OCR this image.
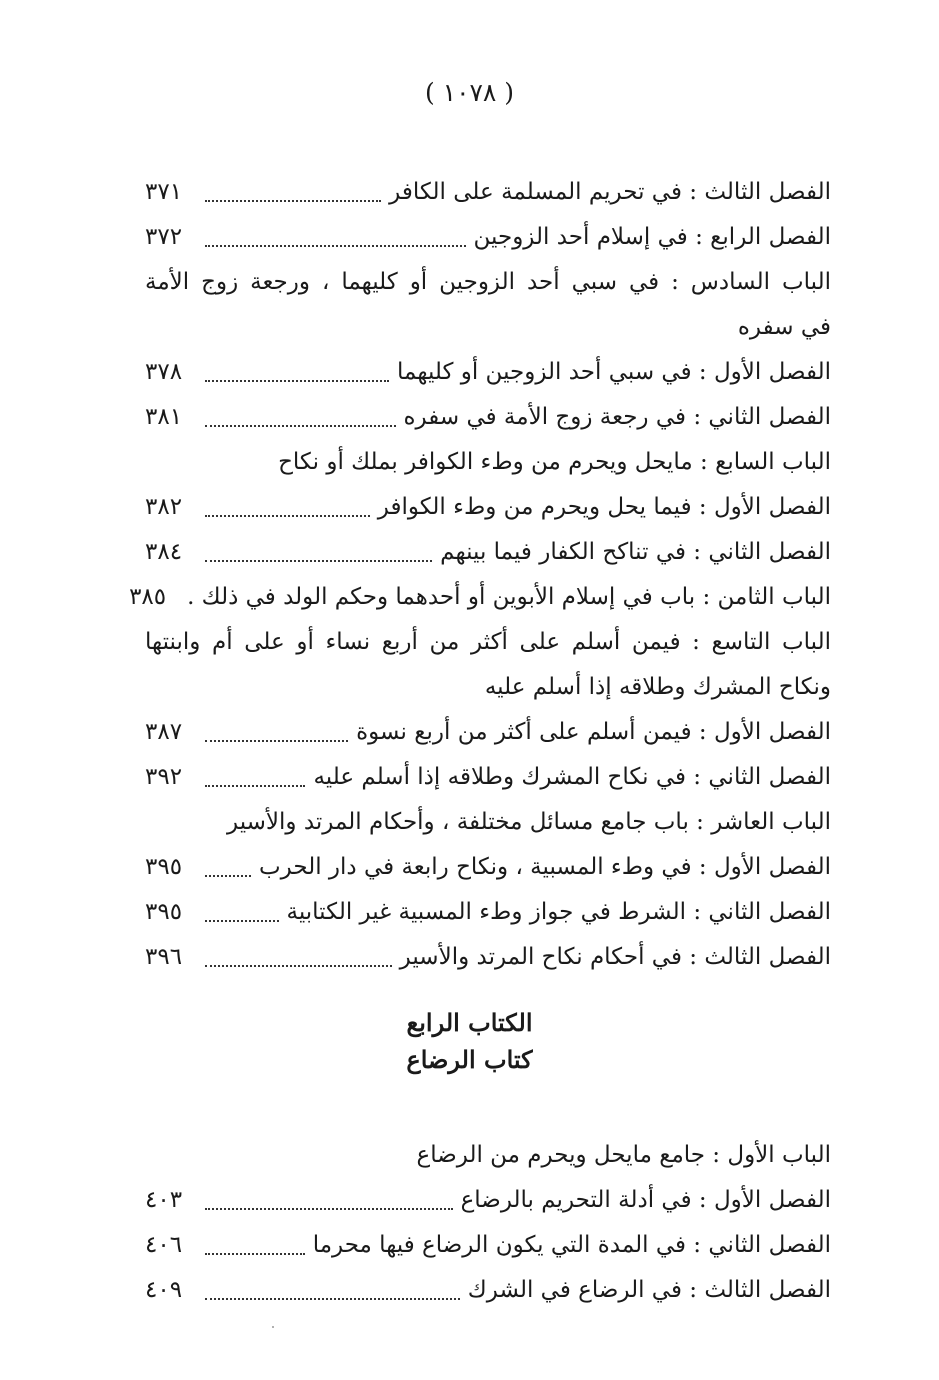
( ١٠٧٨ )
الفصل الثالث : في تحريم المسلمة على الكافر
٣٧١
الفصل الرابع : في إسلام أحد الزوجين
٣٧٢
الباب السادس : في سبي أحد الزوجين أو كليهما ، ورجعة زوج الأمة
في سفره
الفصل الأول : في سبي أحد الزوجين أو كليهما
٣٧٨
الفصل الثاني : في رجعة زوج الأمة في سفره
٣٨١
الباب السابع : مايحل ويحرم من وطء الكوافر بملك أو نكاح
الفصل الأول : فيما يحل ويحرم من وطء الكوافر
٣٨٢
الفصل الثاني : في تناكح الكفار فيما بينهم
٣٨٤
الباب الثامن : باب في إسلام الأبوين أو أحدهما وحكم الولد في ذلك .
٣٨٥
الباب التاسع : فيمن أسلم على أكثر من أربع نساء أو على أم وابنتها
ونكاح المشرك وطلاقه إذا أسلم عليه
الفصل الأول : فيمن أسلم على أكثر من أربع نسوة
٣٨٧
الفصل الثاني : في نكاح المشرك وطلاقه إذا أسلم عليه
٣٩٢
الباب العاشر : باب جامع مسائل مختلفة ، وأحكام المرتد والأسير
الفصل الأول : في وطء المسبية ، ونكاح رابعة في دار الحرب
٣٩٥
الفصل الثاني : الشرط في جواز وطء المسبية غير الكتابية
٣٩٥
الفصل الثالث : في أحكام نكاح المرتد والأسير
٣٩٦
الكتاب الرابع
كتاب الرضاع
الباب الأول : جامع مايحل ويحرم من الرضاع
الفصل الأول : في أدلة التحريم بالرضاع
٤٠٣
الفصل الثاني : في المدة التي يكون الرضاع فيها محرما
٤٠٦
الفصل الثالث : في الرضاع في الشرك
٤٠٩
